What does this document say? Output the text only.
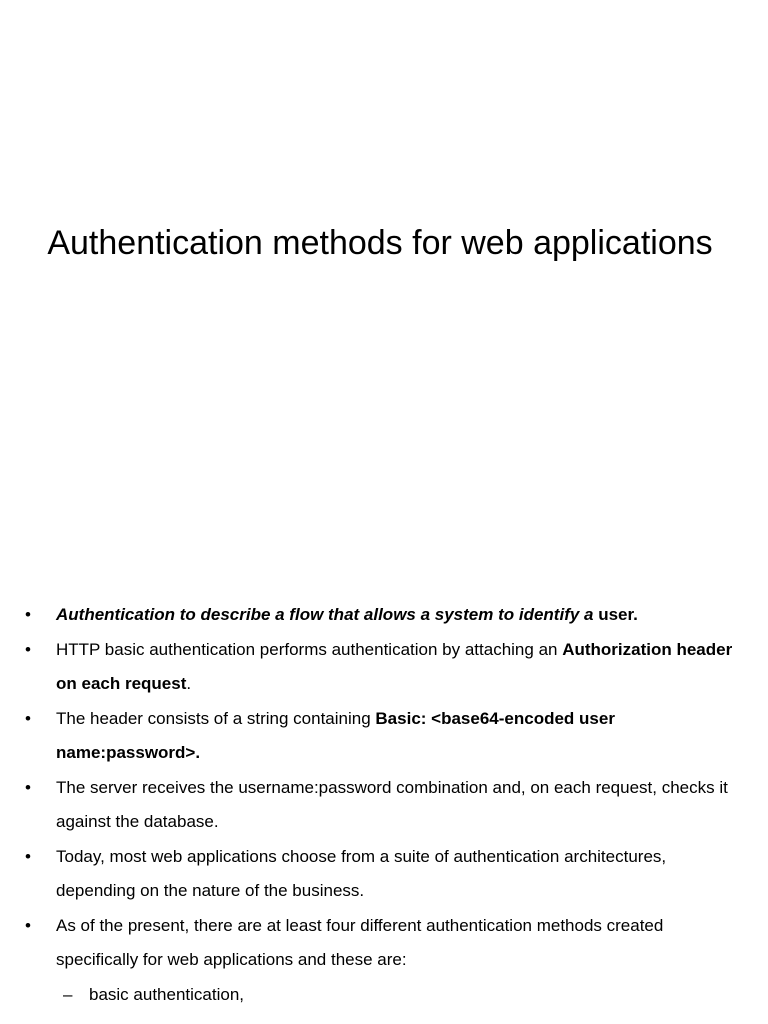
Authentication methods for web applications
• Authentication to describe a flow that allows a system to identify a user.
• HTTP basic authentication performs authentication by attaching an Authorization header on each request.
• The header consists of a string containing Basic: <base64-encoded user name:password>.
• The server receives the username:password combination and, on each request, checks it against the database.
• Today, most web applications choose from a suite of authentication architectures, depending on the nature of the business.
• As of the present, there are at least four different authentication methods created specifically for web applications and these are:
– basic authentication,
